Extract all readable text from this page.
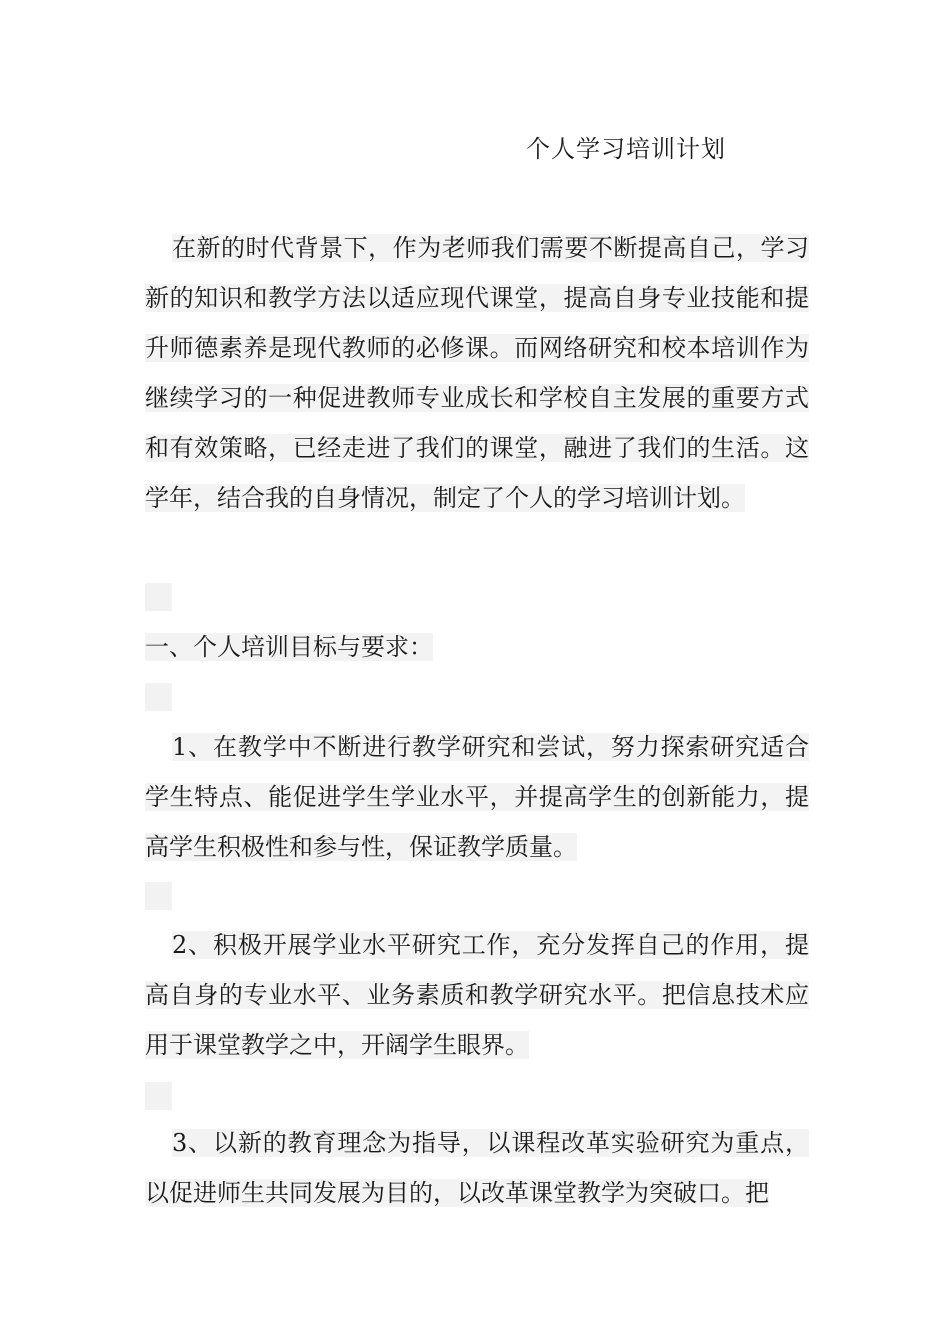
个人学习培训计划
在新的时代背景下，作为老师我们需要不断提高自己，学习新的知识和教学方法以适应现代课堂，提高自身专业技能和提升师德素养是现代教师的必修课。而网络研究和校本培训作为继续学习的一种促进教师专业成长和学校自主发展的重要方式和有效策略，已经走进了我们的课堂，融进了我们的生活。这学年，结合我的自身情况，制定了个人的学习培训计划。
一、个人培训目标与要求：
1、在教学中不断进行教学研究和尝试，努力探索研究适合学生特点、能促进学生学业水平，并提高学生的创新能力，提高学生积极性和参与性，保证教学质量。
2、积极开展学业水平研究工作，充分发挥自己的作用，提高自身的专业水平、业务素质和教学研究水平。把信息技术应用于课堂教学之中，开阔学生眼界。
3、以新的教育理念为指导，以课程改革实验研究为重点，以促进师生共同发展为目的，以改革课堂教学为突破口。把
